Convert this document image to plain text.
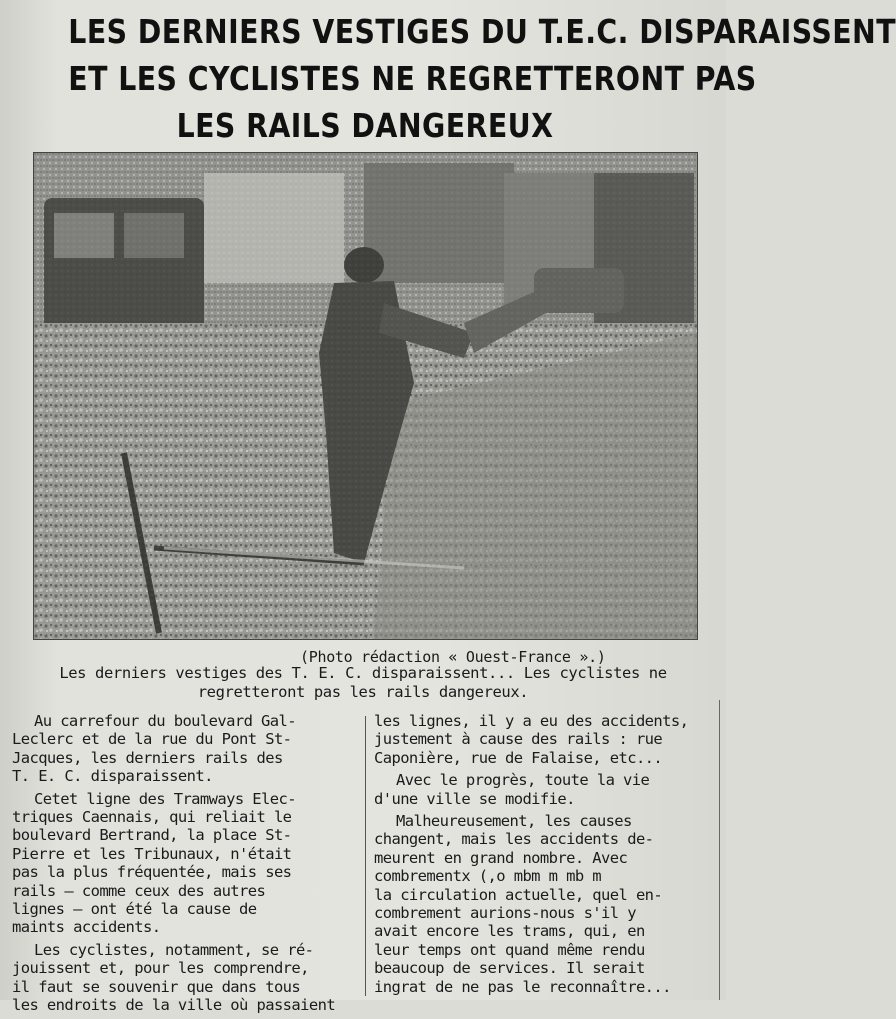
LES DERNIERS VESTIGES DU T.E.C. DISPARAISSENT
ET LES CYCLISTES NE REGRETTERONT PAS
LES RAILS DANGEREUX
(Photo rédaction « Ouest-France ».)
Les derniers vestiges des T. E. C. disparaissent... Les cyclistes ne
regretteront pas les rails dangereux.

Au carrefour du boulevard Gal-
Leclerc et de la rue du Pont St-
Jacques, les derniers rails des
T. E. C. disparaissent.

Cetet ligne des Tramways Elec-
triques Caennais, qui reliait le
boulevard Bertrand, la place St-
Pierre et les Tribunaux, n'était
pas la plus fréquentée, mais ses
rails — comme ceux des autres
lignes — ont été la cause de
maints accidents.

Les cyclistes, notamment, se ré-
jouissent et, pour les comprendre,
il faut se souvenir que dans tous
les endroits de la ville où passaient

les lignes, il y a eu des accidents,
justement à cause des rails : rue
Caponière, rue de Falaise, etc...

Avec le progrès, toute la vie
d'une ville se modifie.

Malheureusement, les causes
changent, mais les accidents de-
meurent en grand nombre. Avec
combrementx (,o mbm m mb m
la circulation actuelle, quel en-
combrement aurions-nous s'il y
avait encore les trams, qui, en
leur temps ont quand même rendu
beaucoup de services. Il serait
ingrat de ne pas le reconnaître...
